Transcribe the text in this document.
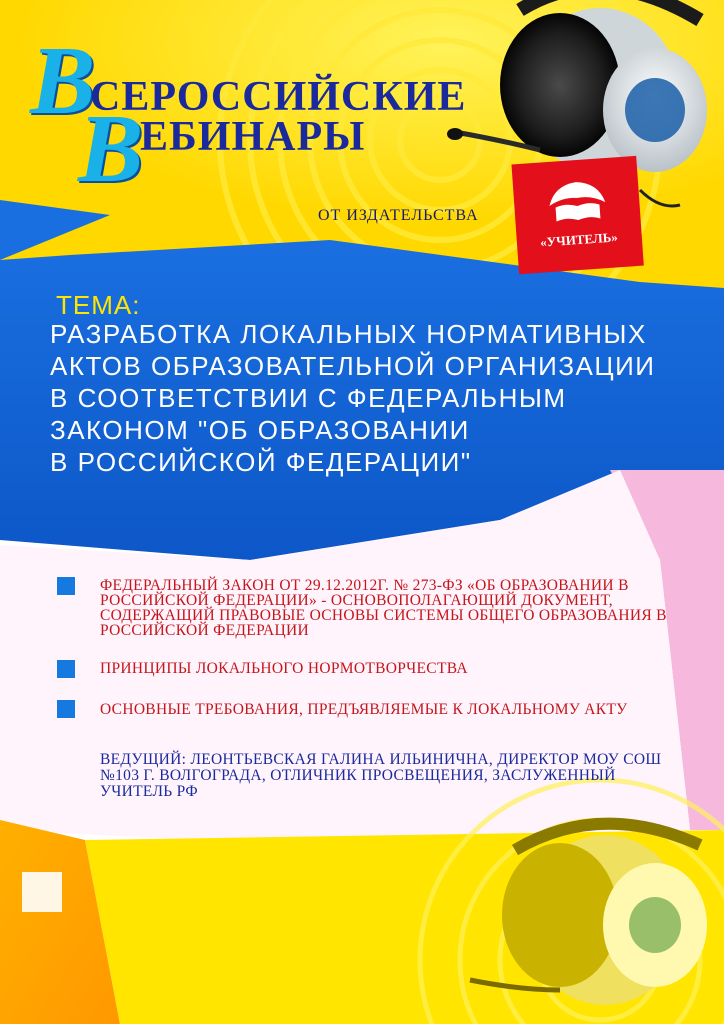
В
СЕРОССИЙСКИЕ
В
ЕБИНАРЫ
ОТ ИЗДАТЕЛЬСТВА
«УЧИТЕЛЬ»
ТЕМА:
РАЗРАБОТКА ЛОКАЛЬНЫХ НОРМАТИВНЫХ
АКТОВ ОБРАЗОВАТЕЛЬНОЙ ОРГАНИЗАЦИИ
В СООТВЕТСТВИИ С ФЕДЕРАЛЬНЫМ
ЗАКОНОМ "ОБ ОБРАЗОВАНИИ
В РОССИЙСКОЙ ФЕДЕРАЦИИ"
ФЕДЕРАЛЬНЫЙ ЗАКОН ОТ 29.12.2012Г. № 273-ФЗ «ОБ ОБРАЗОВАНИИ В РОССИЙСКОЙ ФЕДЕРАЦИИ» - ОСНОВОПОЛАГАЮЩИЙ ДОКУМЕНТ, СОДЕРЖАЩИЙ ПРАВОВЫЕ ОСНОВЫ СИСТЕМЫ ОБЩЕГО ОБРАЗОВАНИЯ В РОССИЙСКОЙ ФЕДЕРАЦИИ
ПРИНЦИПЫ ЛОКАЛЬНОГО НОРМОТВОРЧЕСТВА
ОСНОВНЫЕ ТРЕБОВАНИЯ, ПРЕДЪЯВЛЯЕМЫЕ К ЛОКАЛЬНОМУ АКТУ
ВЕДУЩИЙ: ЛЕОНТЬЕВСКАЯ ГАЛИНА ИЛЬИНИЧНА, ДИРЕКТОР МОУ СОШ №103 Г. ВОЛГОГРАДА, ОТЛИЧНИК ПРОСВЕЩЕНИЯ, ЗАСЛУЖЕННЫЙ УЧИТЕЛЬ РФ
